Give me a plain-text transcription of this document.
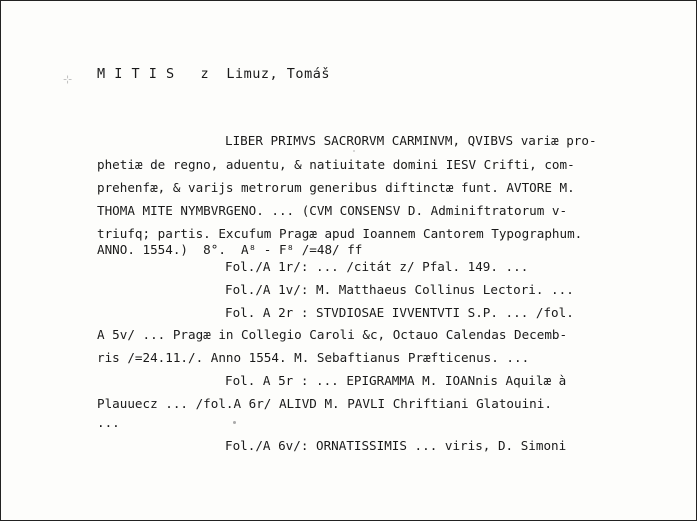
⊹ M I T I S   z  Limuz, Tomáš
LIBER PRIMVS SACRORVM CARMINVM, QVIBVS variæ pro-
phetiæ de regno, aduentu, & natiuitate domini IESV Crifti, com-
prehenfæ, & varijs metrorum generibus diftinctæ funt. AVTORE M.
THOMA MITE NYMBVRGENO. ... (CVM CONSENSV D. Adminiftratorum v-
triufq; partis. Excufum Pragæ apud Ioannem Cantorem Typographum.
ANNO. 1554.)  8°.  A⁸ - F⁸ /=48/ ff
Fol./A 1r/: ... /citát z/ Pfal. 149. ...
Fol./A 1v/: M. Matthaeus Collinus Lectori. ...
Fol. A 2r : STVDIOSAE IVVENTVTI S.P. ... /fol.
A 5v/ ... Pragæ in Collegio Caroli &c, Octauo Calendas Decemb-
ris /=24.11./. Anno 1554. M. Sebaftianus Præfticenus. ...
Fol. A 5r : ... EPIGRAMMA M. IOANnis Aquilæ à
Plauuecz ... /fol.A 6r/ ALIVD M. PAVLI Chriftiani Glatouini.
...
Fol./A 6v/: ORNATISSIMIS ... viris, D. Simoni
